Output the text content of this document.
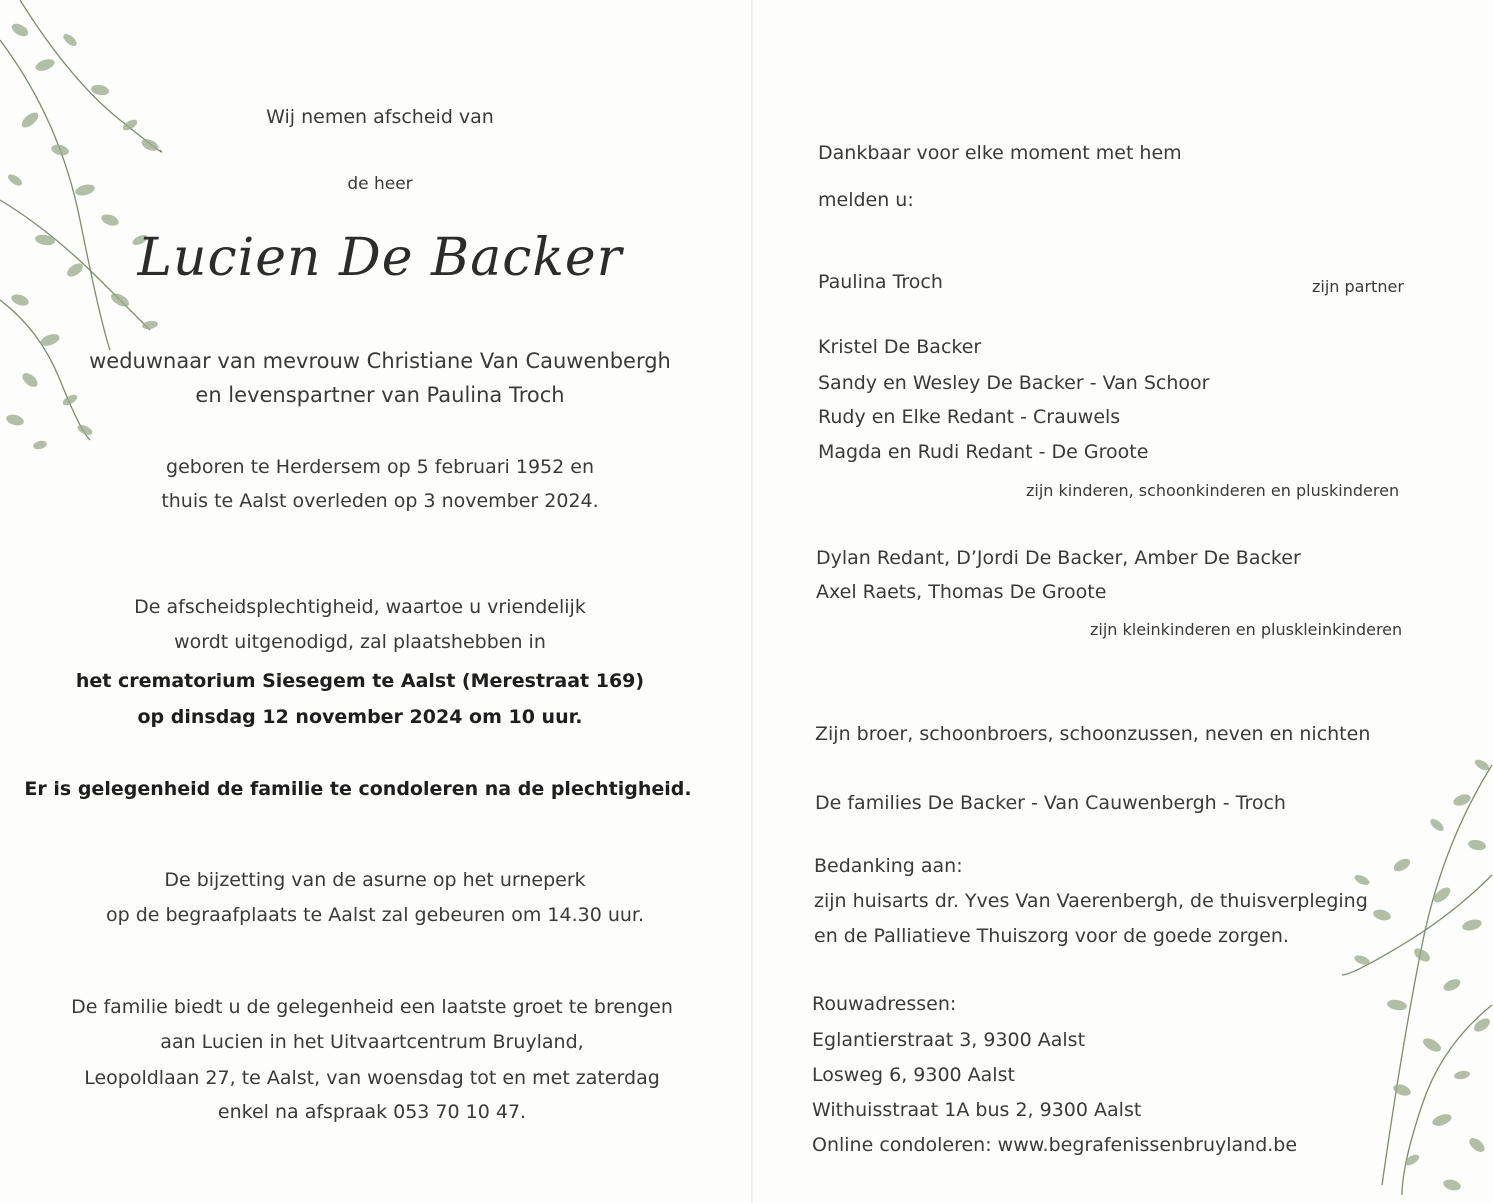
Wij nemen afscheid van
de heer
Lucien De Backer
weduwnaar van mevrouw Christiane Van Cauwenbergh
en levenspartner van Paulina Troch
geboren te Herdersem op 5 februari 1952 en
thuis te Aalst overleden op 3 november 2024.
De afscheidsplechtigheid, waartoe u vriendelijk
wordt uitgenodigd, zal plaatshebben in
het crematorium Siesegem te Aalst (Merestraat 169)
op dinsdag 12 november 2024 om 10 uur.
Er is gelegenheid de familie te condoleren na de plechtigheid.
De bijzetting van de asurne op het urneperk
op de begraafplaats te Aalst zal gebeuren om 14.30 uur.
De familie biedt u de gelegenheid een laatste groet te brengen
aan Lucien in het Uitvaartcentrum Bruyland,
Leopoldlaan 27, te Aalst, van woensdag tot en met zaterdag
enkel na afspraak 053 70 10 47.
Dankbaar voor elke moment met hem
melden u:
Paulina Troch	zijn partner
Kristel De Backer
Sandy en Wesley De Backer - Van Schoor
Rudy en Elke Redant - Crauwels
Magda en Rudi Redant - De Groote
zijn kinderen, schoonkinderen en pluskinderen
Dylan Redant, D’Jordi De Backer, Amber De Backer
Axel Raets, Thomas De Groote
zijn kleinkinderen en pluskleinkinderen
Zijn broer, schoonbroers, schoonzussen, neven en nichten
De families De Backer - Van Cauwenbergh - Troch
Bedanking aan:
zijn huisarts dr. Yves Van Vaerenbergh, de thuisverpleging
en de Palliatieve Thuiszorg voor de goede zorgen.
Rouwadressen:
Eglantierstraat 3, 9300 Aalst
Losweg 6, 9300 Aalst
Withuisstraat 1A bus 2, 9300 Aalst
Online condoleren: www.begrafenissenbruyland.be
